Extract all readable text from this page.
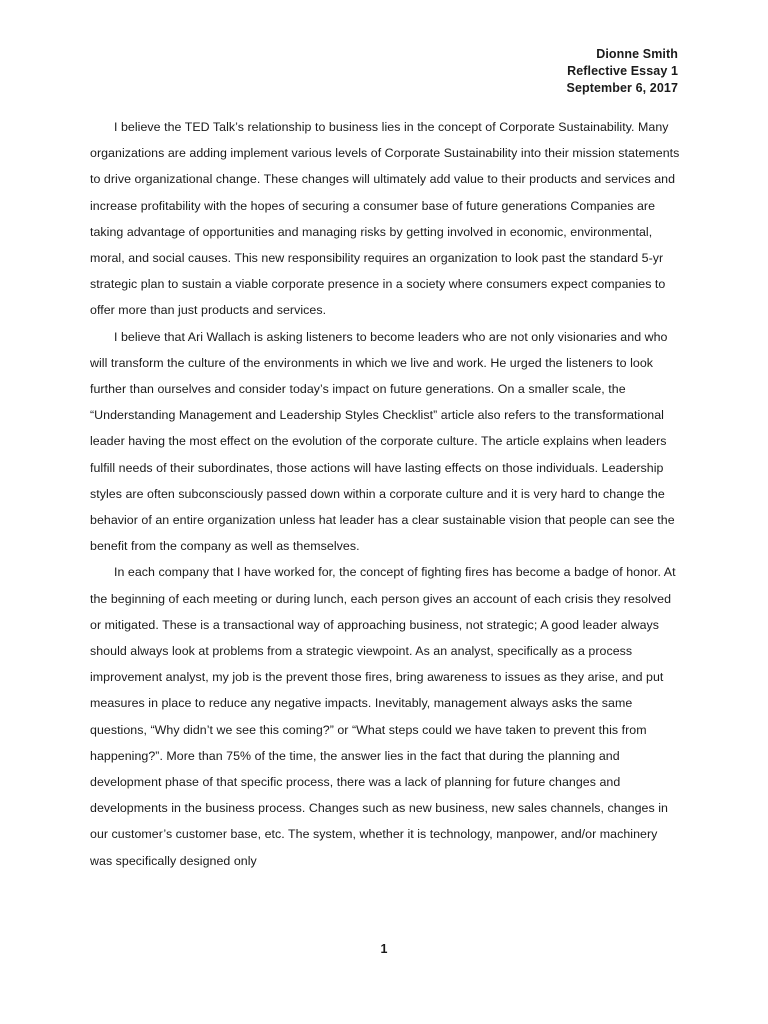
Dionne Smith
Reflective Essay 1
September 6, 2017

I believe the TED Talk’s relationship to business lies in the concept of Corporate Sustainability. Many organizations are adding implement various levels of Corporate Sustainability into their mission statements to drive organizational change. These changes will ultimately add value to their products and services and increase profitability with the hopes of securing a consumer base of future generations Companies are taking advantage of opportunities and managing risks by getting involved in economic, environmental, moral, and social causes. This new responsibility requires an organization to look past the standard 5-yr strategic plan to sustain a viable corporate presence in a society where consumers expect companies to offer more than just products and services.

I believe that Ari Wallach is asking listeners to become leaders who are not only visionaries and who will transform the culture of the environments in which we live and work. He urged the listeners to look further than ourselves and consider today’s impact on future generations. On a smaller scale, the “Understanding Management and Leadership Styles Checklist” article also refers to the transformational leader having the most effect on the evolution of the corporate culture. The article explains when leaders fulfill needs of their subordinates, those actions will have lasting effects on those individuals. Leadership styles are often subconsciously passed down within a corporate culture and it is very hard to change the behavior of an entire organization unless hat leader has a clear sustainable vision that people can see the benefit from the company as well as themselves.

In each company that I have worked for, the concept of fighting fires has become a badge of honor. At the beginning of each meeting or during lunch, each person gives an account of each crisis they resolved or mitigated. These is a transactional way of approaching business, not strategic; A good leader always should always look at problems from a strategic viewpoint. As an analyst, specifically as a process improvement analyst, my job is the prevent those fires, bring awareness to issues as they arise, and put measures in place to reduce any negative impacts. Inevitably, management always asks the same questions, “Why didn’t we see this coming?” or “What steps could we have taken to prevent this from happening?”. More than 75% of the time, the answer lies in the fact that during the planning and development phase of that specific process, there was a lack of planning for future changes and developments in the business process. Changes such as new business, new sales channels, changes in our customer’s customer base, etc. The system, whether it is technology, manpower, and/or machinery was specifically designed only

1
